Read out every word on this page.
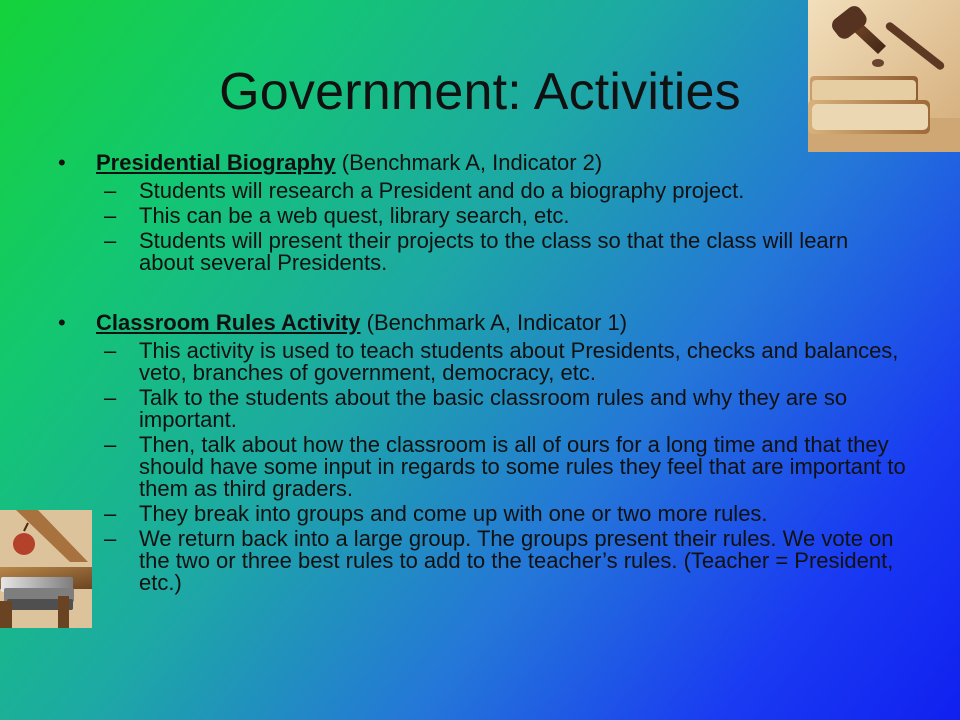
Government: Activities
•	Presidential Biography (Benchmark A, Indicator 2)
–	Students will research a President and do a biography project.
–	This can be a web quest, library search, etc.
–	Students will present their projects to the class so that the class will learn about several Presidents.
•	Classroom Rules Activity (Benchmark A, Indicator 1)
–	This activity is used to teach students about Presidents, checks and balances, veto, branches of government, democracy, etc.
–	Talk to the students about the basic classroom rules and why they are so important.
–	Then, talk about how the classroom is all of ours for a long time and that they should have some input in regards to some rules they feel that are important to them as third graders.
–	They break into groups and come up with one or two more rules.
–	We return back into a large group. The groups present their rules. We vote on the two or three best rules to add to the teacher’s rules. (Teacher = President, etc.)
